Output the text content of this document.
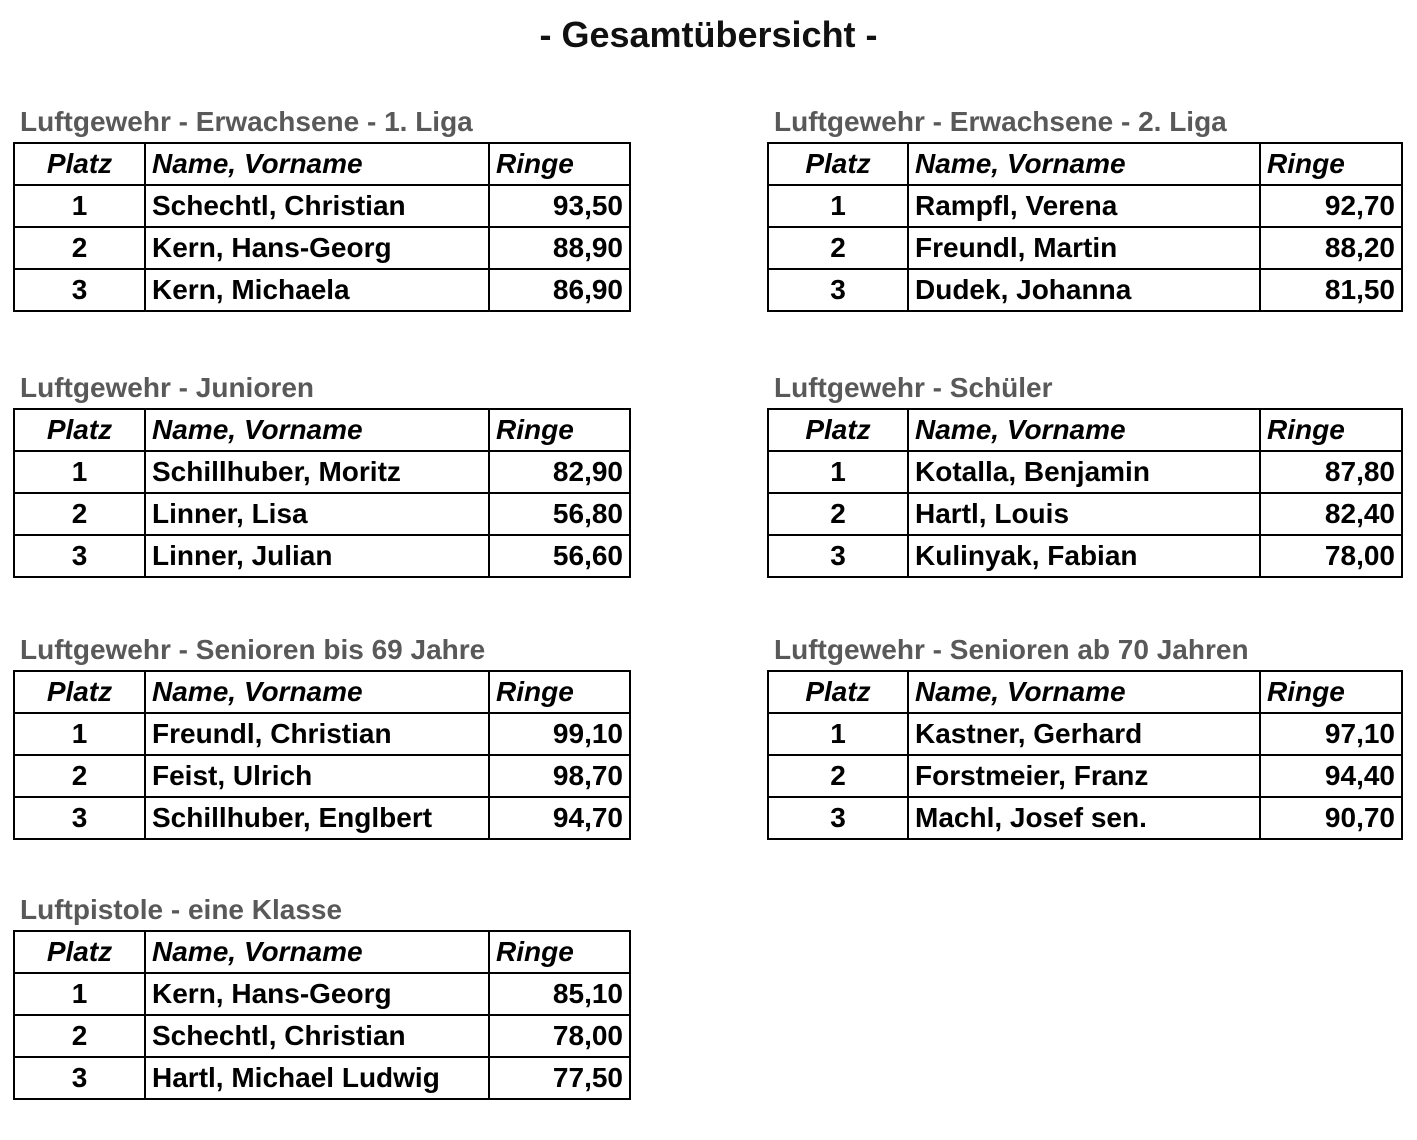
- Gesamtübersicht -
Luftgewehr - Erwachsene - 1. Liga
Platz	Name, Vorname	Ringe
1	Schechtl, Christian	93,50
2	Kern, Hans-Georg	88,90
3	Kern, Michaela	86,90
Luftgewehr - Erwachsene - 2. Liga
Platz	Name, Vorname	Ringe
1	Rampfl, Verena	92,70
2	Freundl, Martin	88,20
3	Dudek, Johanna	81,50
Luftgewehr - Junioren
Platz	Name, Vorname	Ringe
1	Schillhuber, Moritz	82,90
2	Linner, Lisa	56,80
3	Linner, Julian	56,60
Luftgewehr - Schüler
Platz	Name, Vorname	Ringe
1	Kotalla, Benjamin	87,80
2	Hartl, Louis	82,40
3	Kulinyak, Fabian	78,00
Luftgewehr - Senioren bis 69 Jahre
Platz	Name, Vorname	Ringe
1	Freundl, Christian	99,10
2	Feist, Ulrich	98,70
3	Schillhuber, Englbert	94,70
Luftgewehr - Senioren ab 70 Jahren
Platz	Name, Vorname	Ringe
1	Kastner, Gerhard	97,10
2	Forstmeier, Franz	94,40
3	Machl, Josef sen.	90,70
Luftpistole - eine Klasse
Platz	Name, Vorname	Ringe
1	Kern, Hans-Georg	85,10
2	Schechtl, Christian	78,00
3	Hartl, Michael Ludwig	77,50
